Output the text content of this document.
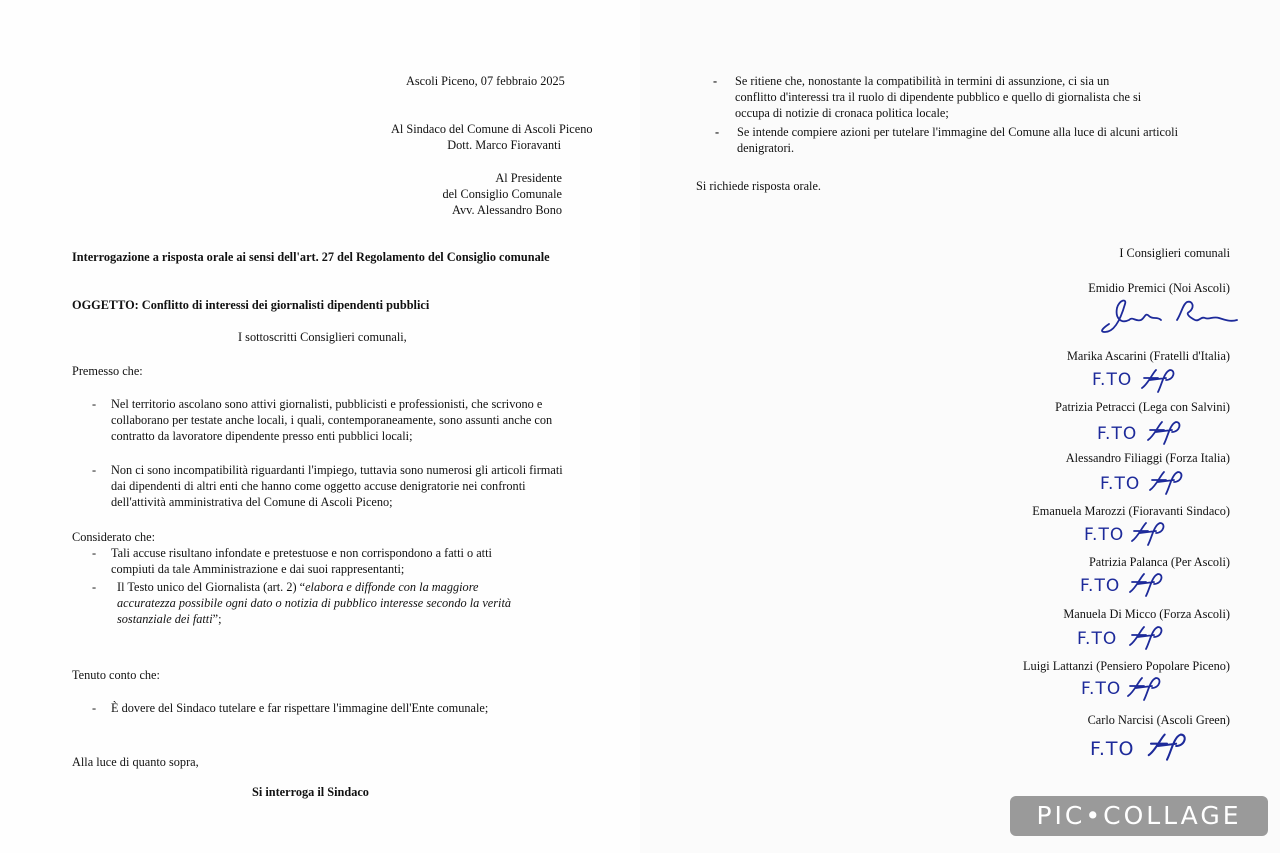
Ascoli Piceno, 07 febbraio 2025

Al Sindaco del Comune di Ascoli Piceno

Dott. Marco Fioravanti

Al Presidente

del Consiglio Comunale

Avv. Alessandro Bono

Interrogazione a risposta orale ai sensi dell'art. 27 del Regolamento del Consiglio comunale

OGGETTO: Conflitto di interessi dei giornalisti dipendenti pubblici

I sottoscritti Consiglieri comunali,

Premesso che:

- Nel territorio ascolano sono attivi giornalisti, pubblicisti e professionisti, che scrivono e

collaborano per testate anche locali, i quali, contemporaneamente, sono assunti anche con

contratto da lavoratore dipendente presso enti pubblici locali;

- Non ci sono incompatibilità riguardanti l'impiego, tuttavia sono numerosi gli articoli firmati

dai dipendenti di altri enti che hanno come oggetto accuse denigratorie nei confronti

dell'attività amministrativa del Comune di Ascoli Piceno;

Considerato che:

- Tali accuse risultano infondate e pretestuose e non corrispondono a fatti o atti

compiuti da tale Amministrazione e dai suoi rappresentanti;

- Il Testo unico del Giornalista (art. 2) “elabora e diffonde con la maggiore

accuratezza possibile ogni dato o notizia di pubblico interesse secondo la verità

sostanziale dei fatti”;

Tenuto conto che:

- È dovere del Sindaco tutelare e far rispettare l'immagine dell'Ente comunale;

Alla luce di quanto sopra,

Si interroga il Sindaco

- Se ritiene che, nonostante la compatibilità in termini di assunzione, ci sia un

conflitto d'interessi tra il ruolo di dipendente pubblico e quello di giornalista che si

occupa di notizie di cronaca politica locale;

- Se intende compiere azioni per tutelare l'immagine del Comune alla luce di alcuni articoli

denigratori.

Si richiede risposta orale.

I Consiglieri comunali

Emidio Premici (Noi Ascoli)

Marika Ascarini (Fratelli d'Italia)

F.TO

Patrizia Petracci (Lega con Salvini)

F.TO

Alessandro Filiaggi (Forza Italia)

F.TO

Emanuela Marozzi (Fioravanti Sindaco)

F.TO

Patrizia Palanca (Per Ascoli)

F.TO

Manuela Di Micco (Forza Ascoli)

F.TO

Luigi Lattanzi (Pensiero Popolare Piceno)

F.TO

Carlo Narcisi (Ascoli Green)

F.TO
PIC•COLLAGE
